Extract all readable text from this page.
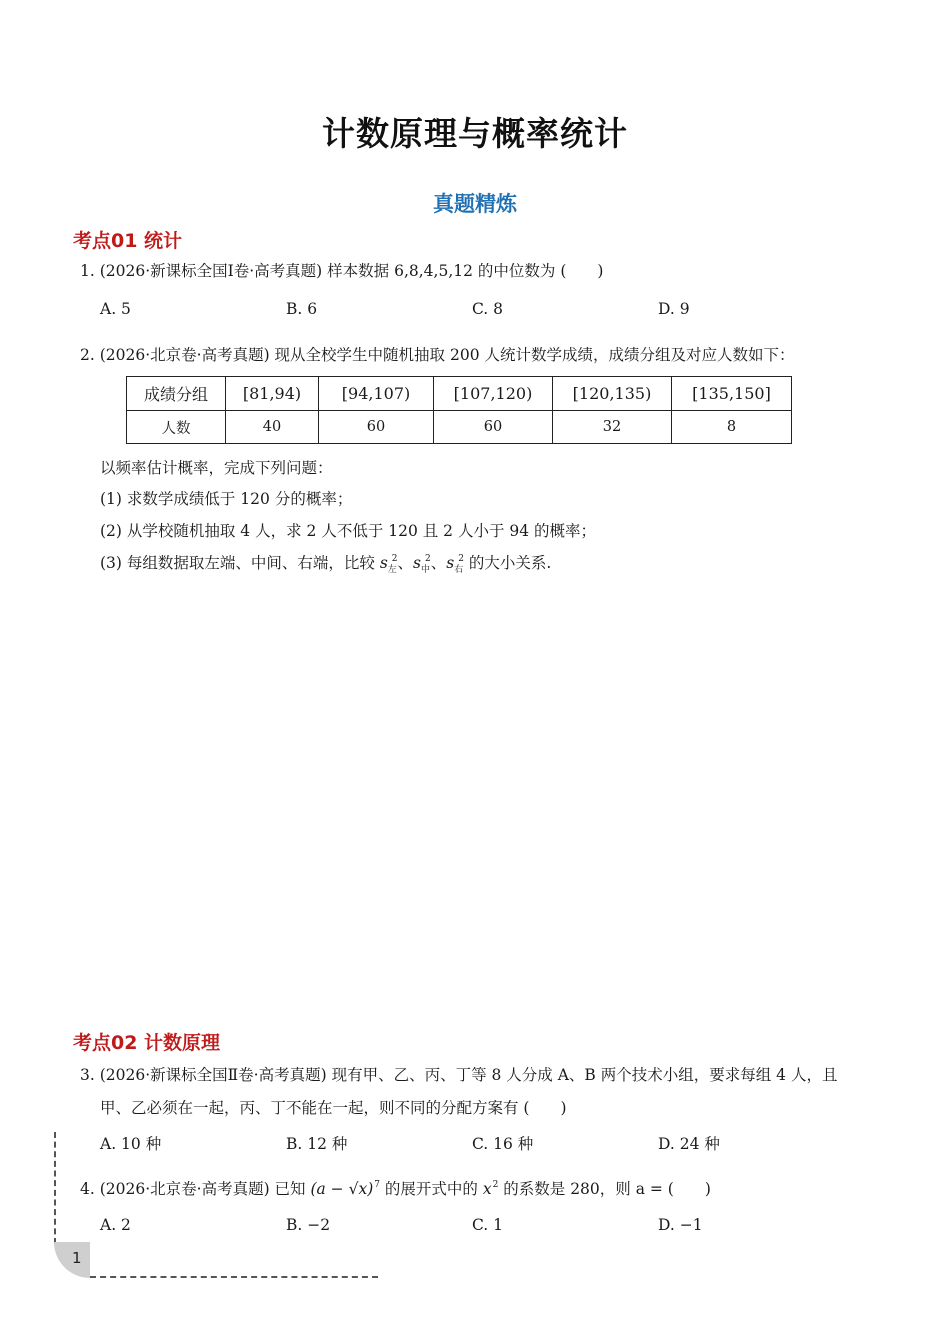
计数原理与概率统计
真题精炼
考点01 统计
1. (2026·新课标全国Ⅰ卷·高考真题) 样本数据 6,8,4,5,12 的中位数为 (　　)
A. 5	B. 6	C. 8	D. 9
2. (2026·北京卷·高考真题) 现从全校学生中随机抽取 200 人统计数学成绩，成绩分组及对应人数如下：
成绩分组	[81,94)	[94,107)	[107,120)	[120,135)	[135,150]
人数	40	60	60	32	8
以频率估计概率，完成下列问题：
(1) 求数学成绩低于 120 分的概率；
(2) 从学校随机抽取 4 人，求 2 人不低于 120 且 2 人小于 94 的概率；
(3) 每组数据取左端、中间、右端，比较 $s_左^2$、$s_中^2$、$s_右^2$ 的大小关系.
考点02 计数原理
3. (2026·新课标全国Ⅱ卷·高考真题) 现有甲、乙、丙、丁等 8 人分成 A、B 两个技术小组，要求每组 4 人，且
甲、乙必须在一起，丙、丁不能在一起，则不同的分配方案有 (　　)
A. 10 种	B. 12 种	C. 16 种	D. 24 种
4. (2026·北京卷·高考真题) 已知 $(a - √x)^7$ 的展开式中的 $x^2$ 的系数是 280，则 a = (　　)
A. 2	B. −2	C. 1	D. −1
1
